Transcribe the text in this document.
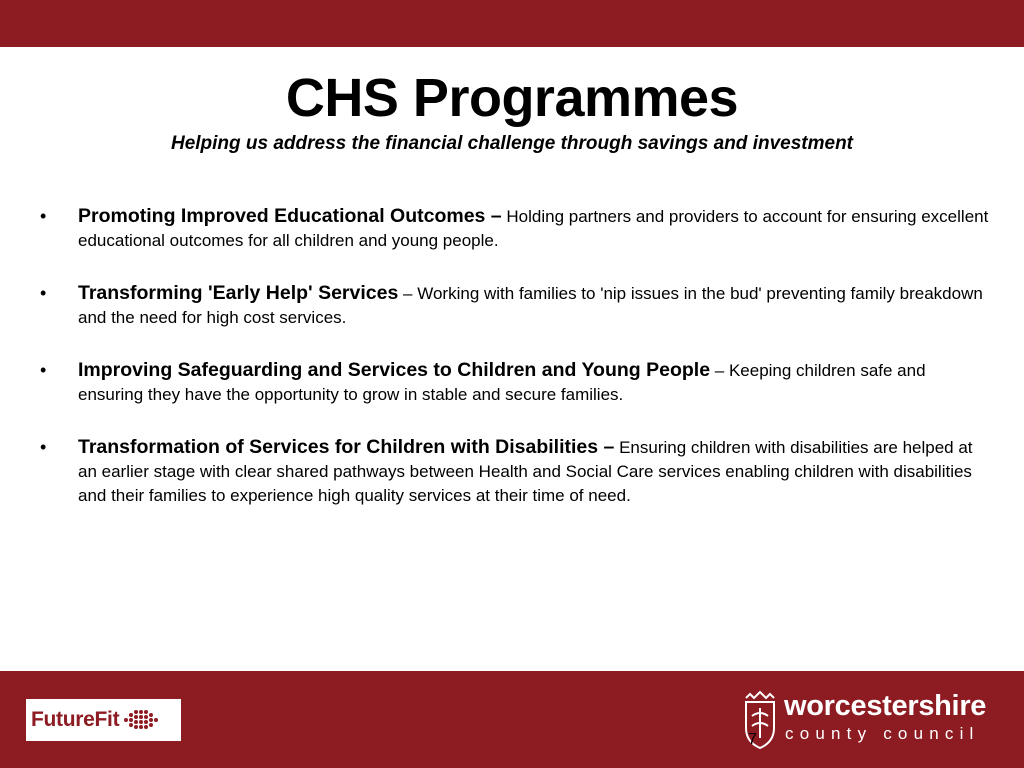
CHS Programmes
Helping us address the financial challenge through savings and investment
• Promoting Improved Educational Outcomes – Holding partners and providers to account for ensuring excellent educational outcomes for all children and young people.
• Transforming 'Early Help' Services – Working with families to 'nip issues in the bud' preventing family breakdown and the need for high cost services.
• Improving Safeguarding and Services to Children and Young People – Keeping children safe and ensuring they have the opportunity to grow in stable and secure families.
• Transformation of Services for Children with Disabilities – Ensuring children with disabilities are helped at an earlier stage with clear shared pathways between Health and Social Care services enabling children with disabilities and their families to experience high quality services at their time of need.
FutureFit	worcestershire
county council
7
